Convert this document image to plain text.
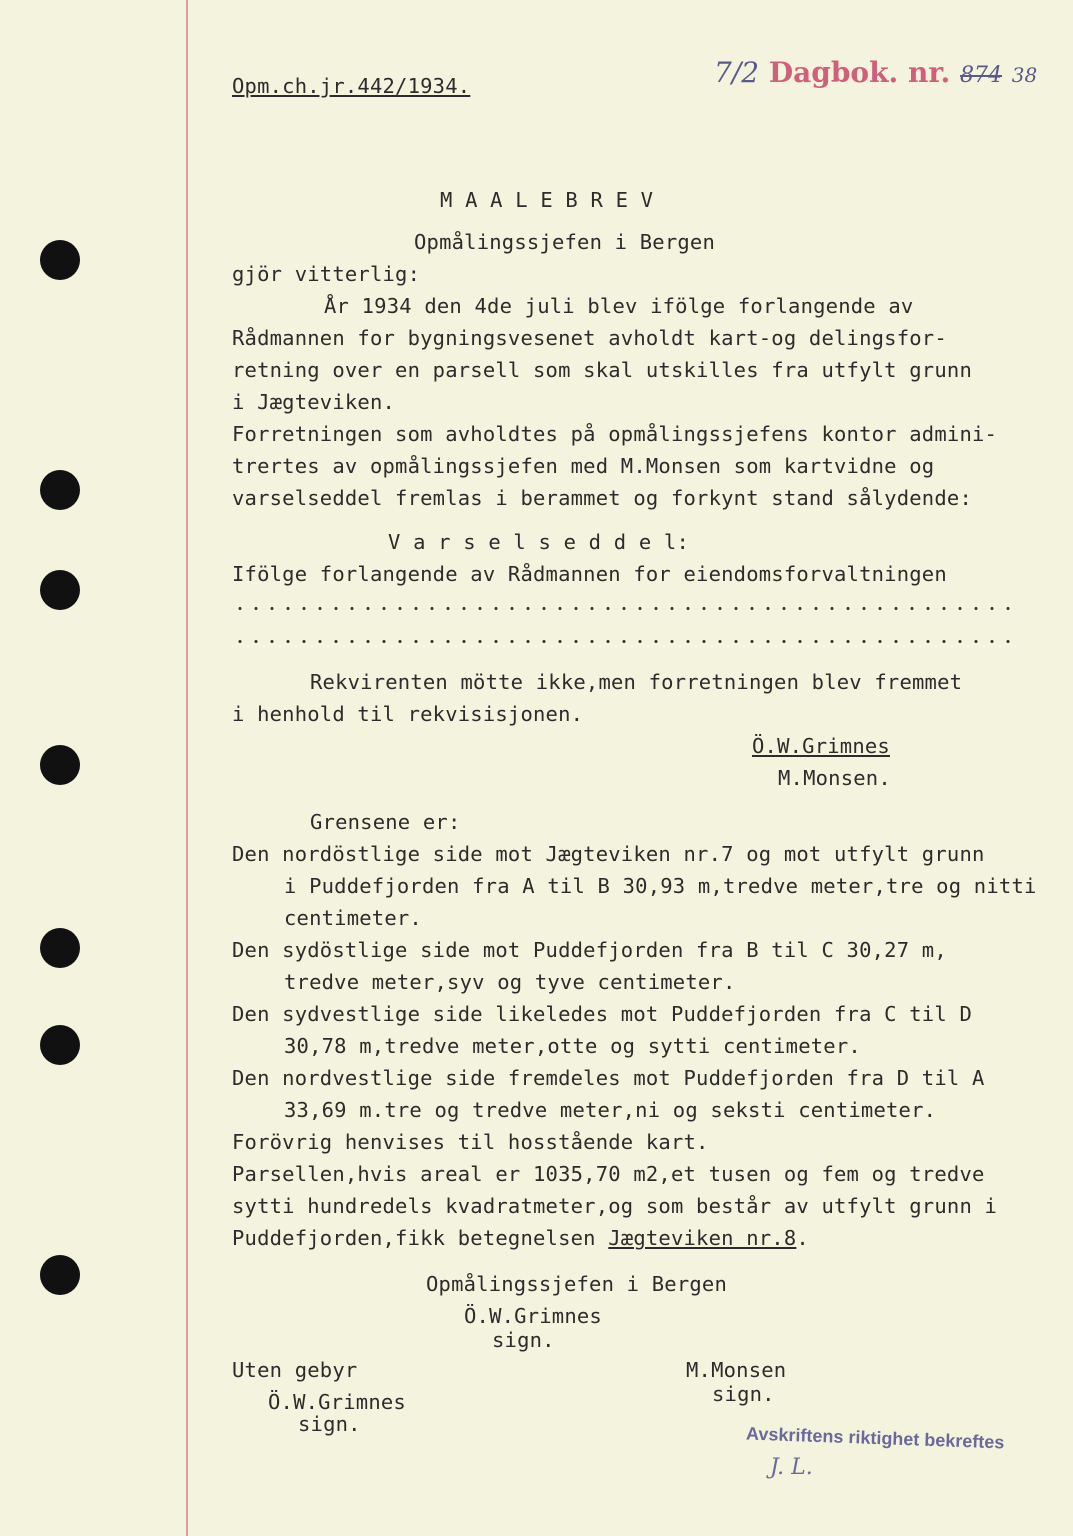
Opm.ch.jr.442/1934.	7/2 Dagbok. nr. 874 38
M A A L E B R E V
Opmålingssjefen i Bergen
gjör vitterlig:
År 1934 den 4de juli blev ifölge forlangende av
Rådmannen for bygningsvesenet avholdt kart-og delingsfor-
retning over en parsell som skal utskilles fra utfylt grunn
i Jægteviken.
Forretningen som avholdtes på opmålingssjefens kontor admini-
trertes av opmålingssjefen med M.Monsen som kartvidne og
varselseddel fremlas i berammet og forkynt stand sålydende:
V a r s e l s e d d e l:
Ifölge forlangende av Rådmannen for eiendomsforvaltningen
Rekvirenten mötte ikke,men forretningen blev fremmet
i henhold til rekvisisjonen.
Ö.W.Grimnes
M.Monsen.
Grensene er:
Den nordöstlige side mot Jægteviken nr.7 og mot utfylt grunn
i Puddefjorden fra A til B 30,93 m,tredve meter,tre og nitti
centimeter.
Den sydöstlige side mot Puddefjorden fra B til C 30,27 m,
tredve meter,syv og tyve centimeter.
Den sydvestlige side likeledes mot Puddefjorden fra C til D
30,78 m,tredve meter,otte og sytti centimeter.
Den nordvestlige side fremdeles mot Puddefjorden fra D til A
33,69 m.tre og tredve meter,ni og seksti centimeter.
Forövrig henvises til hosstående kart.
Parsellen,hvis areal er 1035,70 m2,et tusen og fem og tredve
sytti hundredels kvadratmeter,og som består av utfylt grunn i
Puddefjorden,fikk betegnelsen Jægteviken nr.8.
Opmålingssjefen i Bergen
Ö.W.Grimnes
sign.
Uten gebyr
Ö.W.Grimnes
sign.
M.Monsen
sign.
Avskriftens riktighet bekreftes
J. L.
